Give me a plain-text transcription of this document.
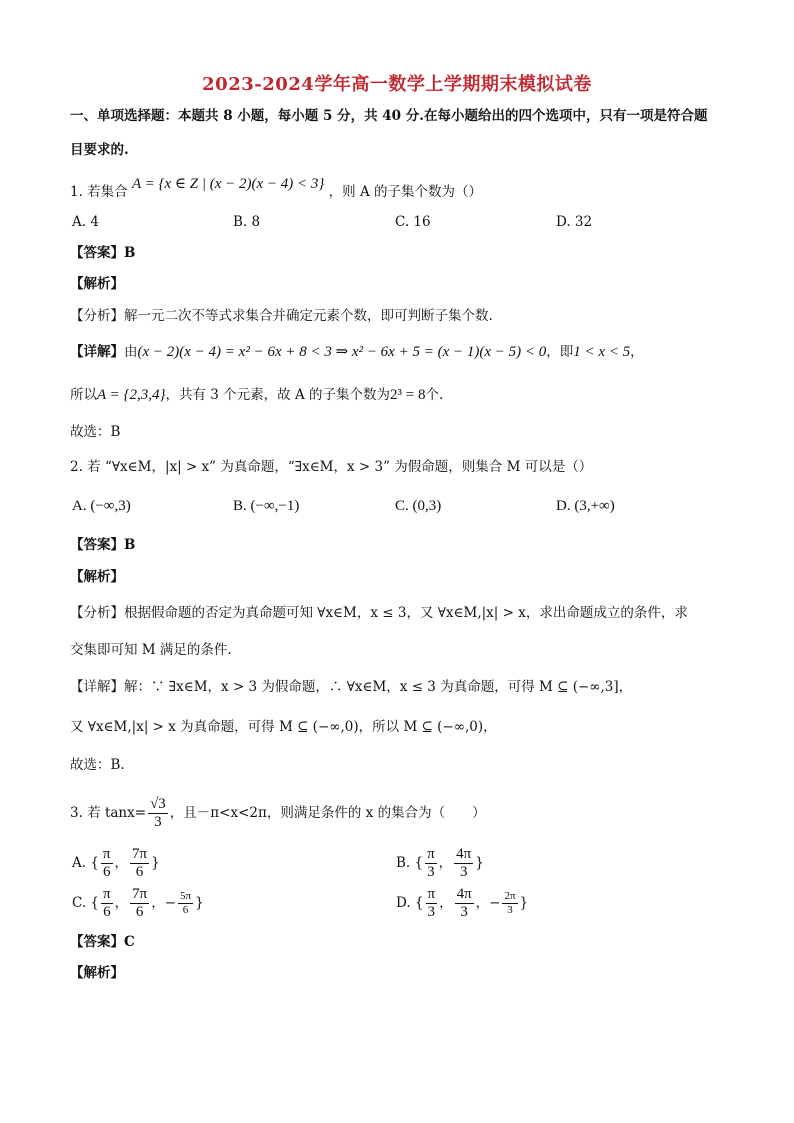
2023-2024学年高一数学上学期期末模拟试卷
一、单项选择题：本题共 8 小题，每小题 5 分，共 40 分.在每小题给出的四个选项中，只有一项是符合题
目要求的.
1. 若集合 A = {x ∈ Z | (x − 2)(x − 4) < 3} ，则 A 的子集个数为（）
A. 4	B. 8	C. 16	D. 32
【答案】B
【解析】
【分析】解一元二次不等式求集合并确定元素个数，即可判断子集个数.
【详解】由(x − 2)(x − 4) = x² − 6x + 8 < 3 ⇒ x² − 6x + 5 = (x − 1)(x − 5) < 0，即1 < x < 5，
所以A = {2,3,4}，共有 3 个元素，故 A 的子集个数为2³ = 8个.
故选：B
2. 若 “∀x∈M，|x| > x” 为真命题，“∃x∈M，x > 3” 为假命题，则集合 M 可以是（）
A. (−∞,3)	B. (−∞,−1)	C. (0,3)	D. (3,+∞)
【答案】B
【解析】
【分析】根据假命题的否定为真命题可知 ∀x∈M，x ≤ 3，又 ∀x∈M,|x| > x，求出命题成立的条件，求
交集即可知 M 满足的条件.
【详解】解：∵ ∃x∈M，x > 3 为假命题，∴ ∀x∈M，x ≤ 3 为真命题，可得 M ⊆ (−∞,3]，
又 ∀x∈M,|x| > x 为真命题，可得 M ⊆ (−∞,0)，所以 M ⊆ (−∞,0)，
故选：B.
3. 若 $\tan x= \frac{√3}{3}$ ，且－π<x<2π，则满足条件的 x 的集合为（　　）
A. { $\frac{\pi}{6}$ ， $\frac{7\pi}{6}$ }	B. { $\frac{\pi}{3}$ ， $\frac{4\pi}{3}$ }
C. { $\frac{\pi}{6}$ ， $\frac{7\pi}{6}$ ，− $\frac{5\pi}{6}$ }	D. { $\frac{\pi}{3}$ ， $\frac{4\pi}{3}$ ，− $\frac{2\pi}{3}$ }
【答案】C
【解析】
